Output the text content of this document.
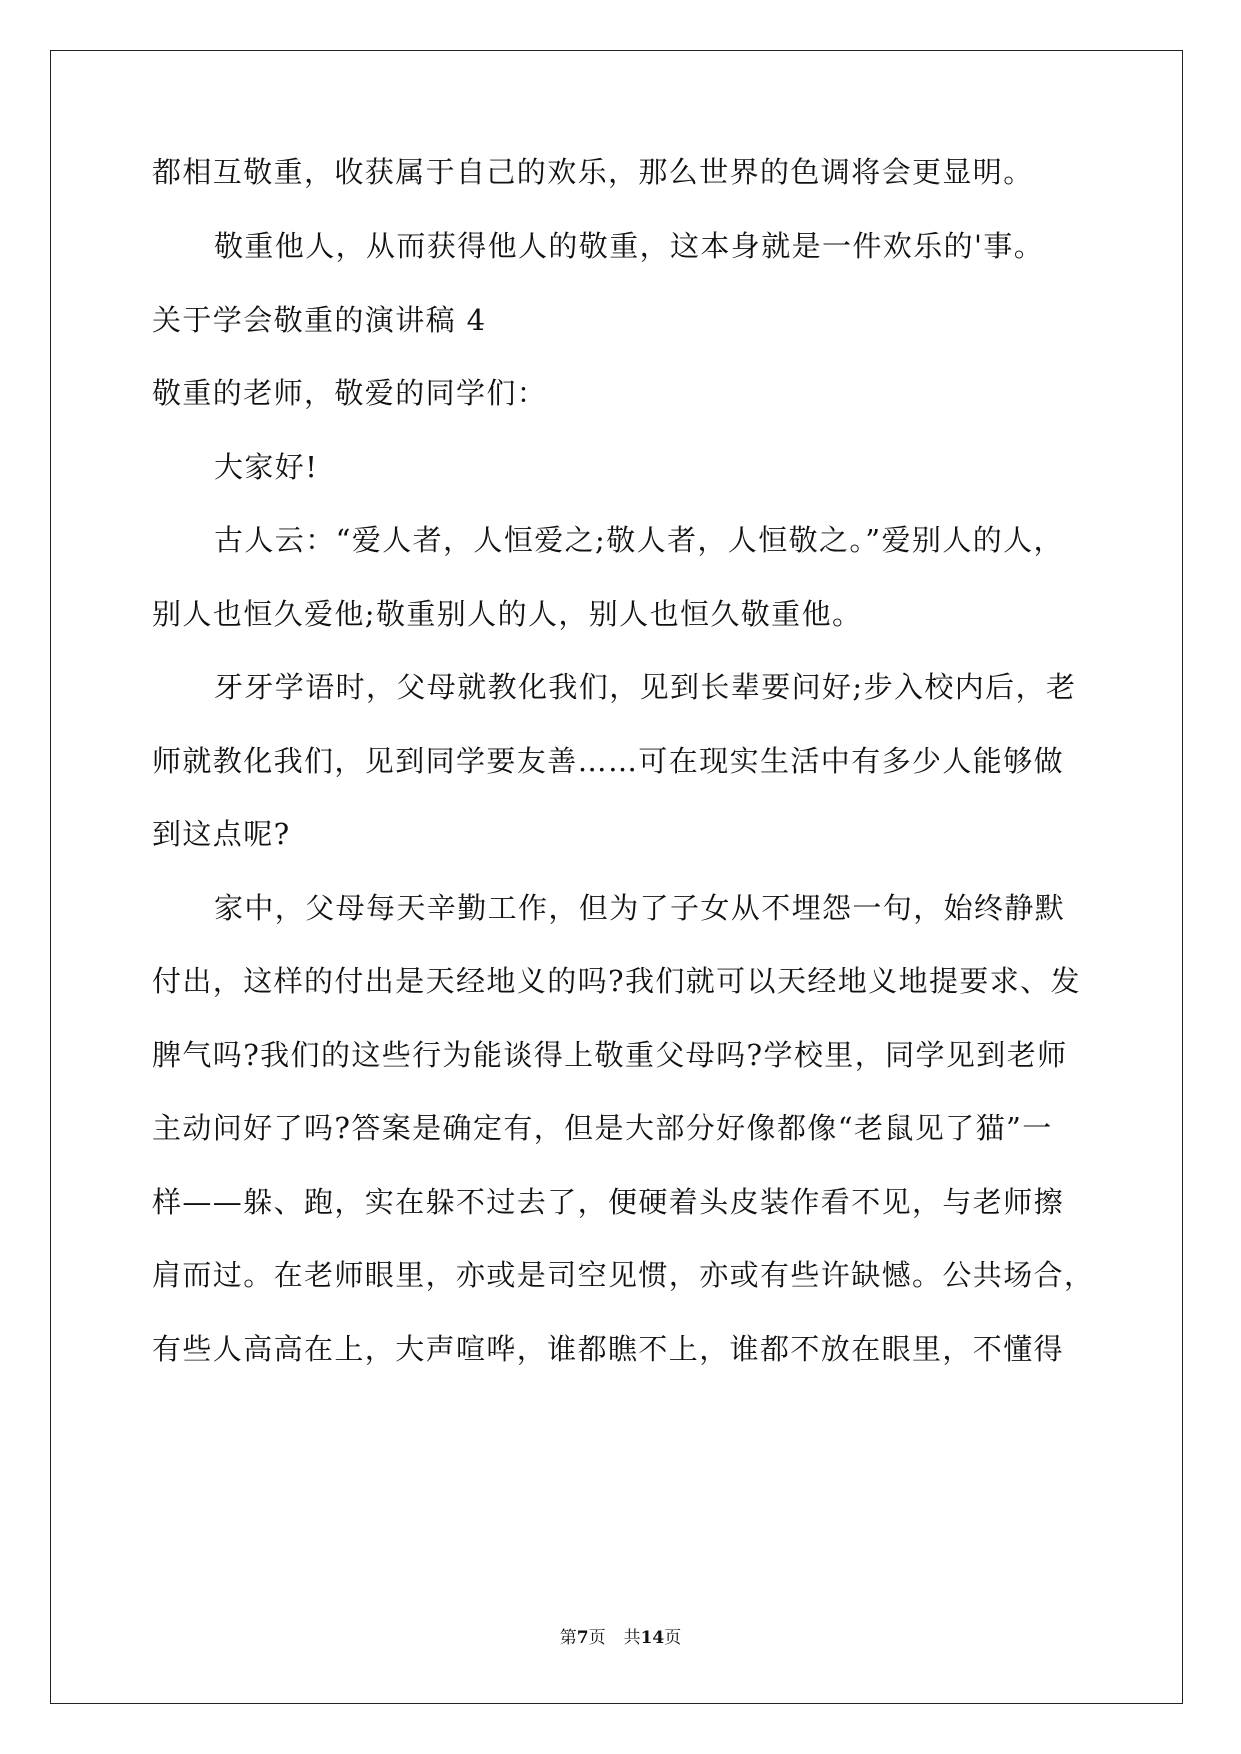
都相互敬重，收获属于自己的欢乐，那么世界的色调将会更显明。
敬重他人，从而获得他人的敬重，这本身就是一件欢乐的'事。
关于学会敬重的演讲稿 4
敬重的老师，敬爱的同学们：
大家好!
古人云：“爱人者，人恒爱之;敬人者，人恒敬之。”爱别人的人，
别人也恒久爱他;敬重别人的人，别人也恒久敬重他。
牙牙学语时，父母就教化我们，见到长辈要问好;步入校内后，老
师就教化我们，见到同学要友善……可在现实生活中有多少人能够做
到这点呢?
家中，父母每天辛勤工作，但为了子女从不埋怨一句，始终静默
付出，这样的付出是天经地义的吗?我们就可以天经地义地提要求、发
脾气吗?我们的这些行为能谈得上敬重父母吗?学校里，同学见到老师
主动问好了吗?答案是确定有，但是大部分好像都像“老鼠见了猫”一
样——躲、跑，实在躲不过去了，便硬着头皮装作看不见，与老师擦
肩而过。在老师眼里，亦或是司空见惯，亦或有些许缺憾。公共场合，
有些人高高在上，大声喧哗，谁都瞧不上，谁都不放在眼里，不懂得
第7页 共14页
